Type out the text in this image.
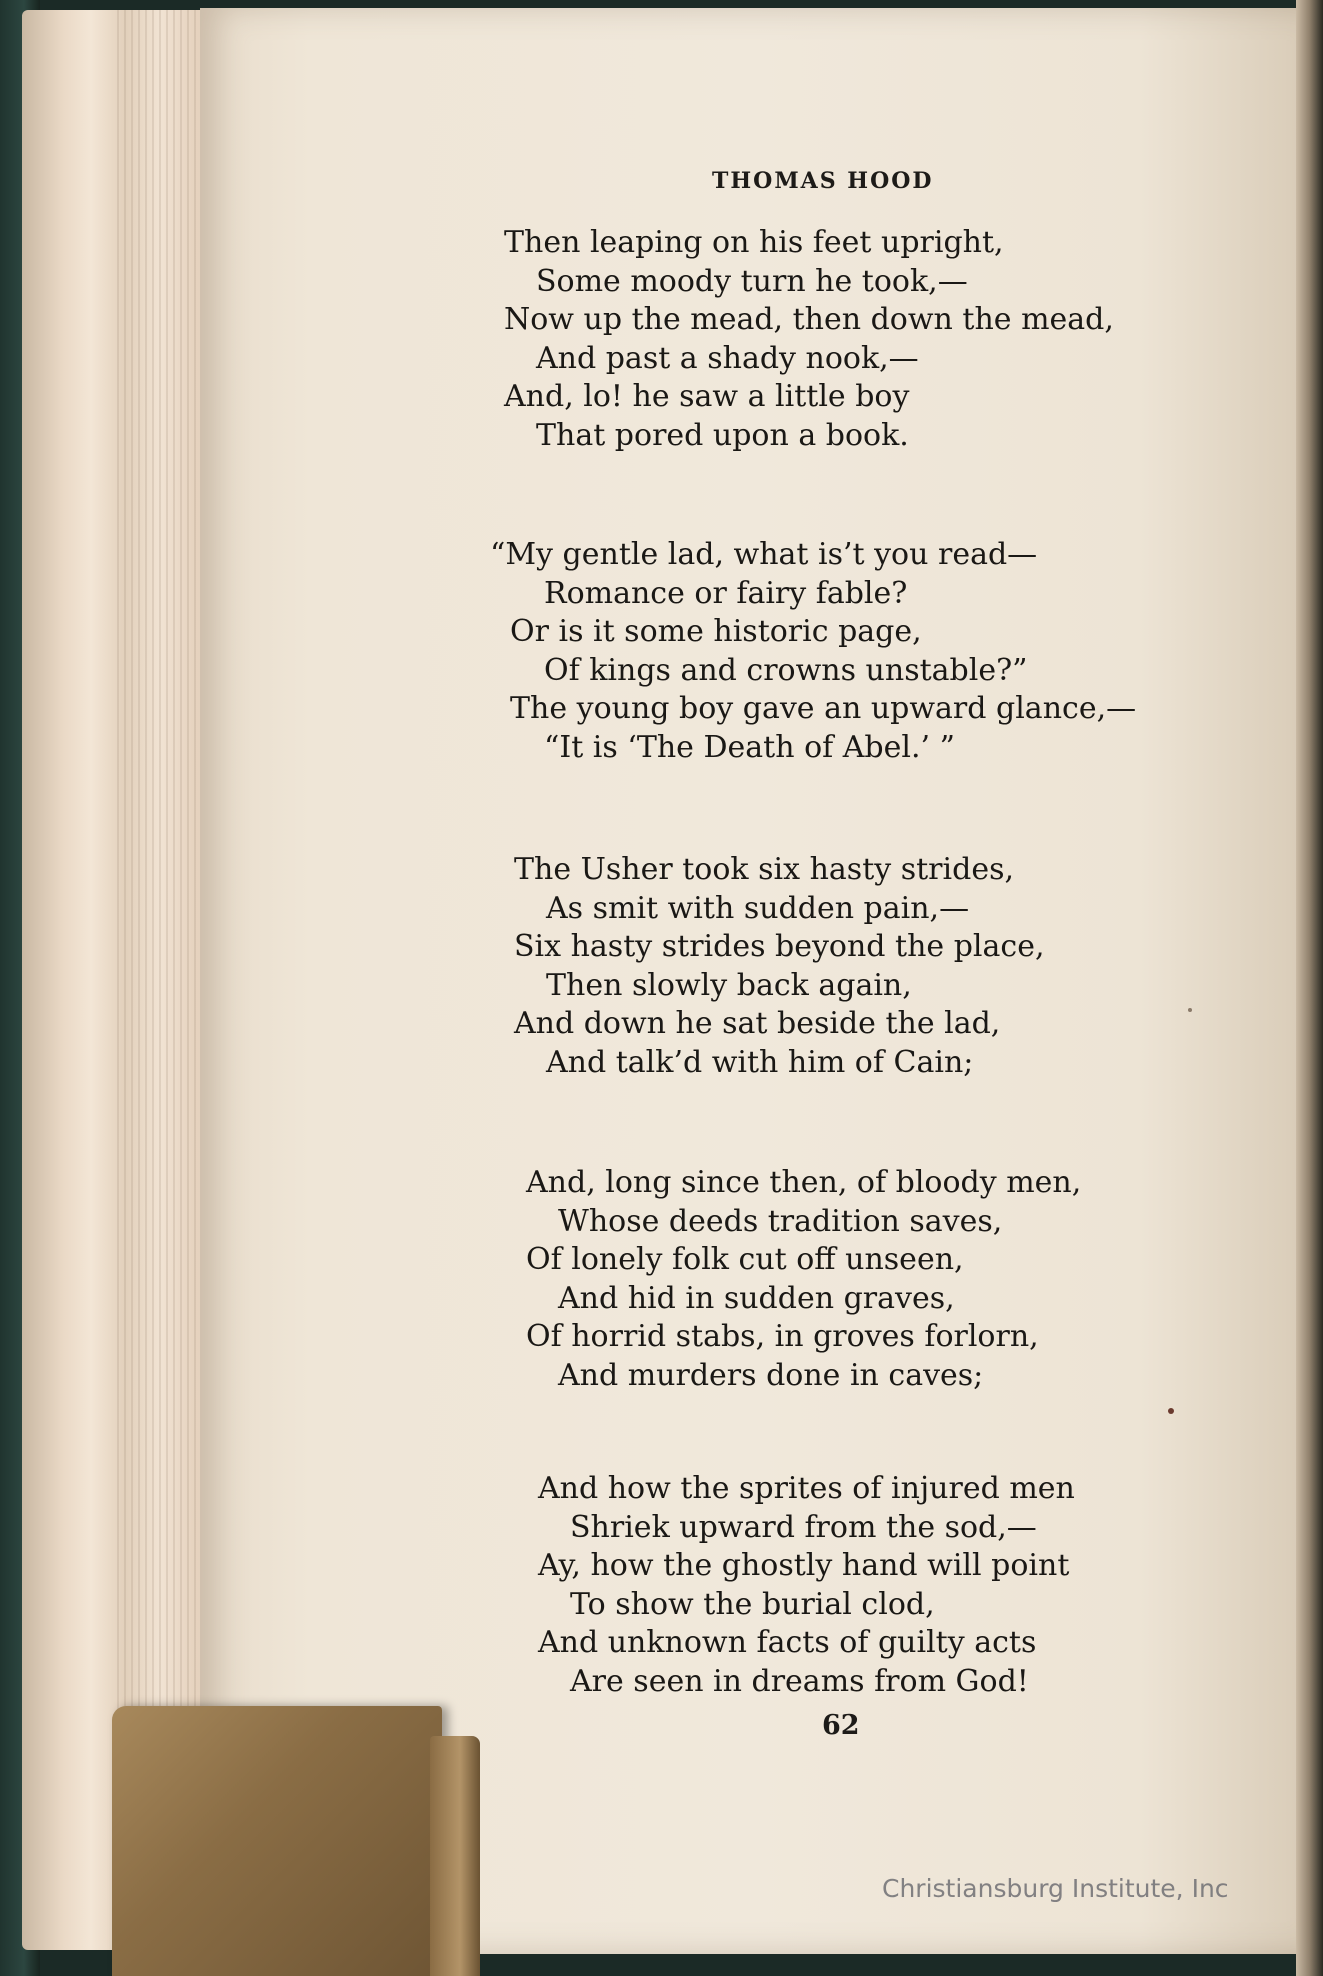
THOMAS HOOD

Then leaping on his feet upright,
Some moody turn he took,—
Now up the mead, then down the mead,
And past a shady nook,—
And, lo! he saw a little boy
That pored upon a book.
“My gentle lad, what is’t you read—
Romance or fairy fable?
Or is it some historic page,
Of kings and crowns unstable?”
The young boy gave an upward glance,—
“It is ‘The Death of Abel.’ ”
The Usher took six hasty strides,
As smit with sudden pain,—
Six hasty strides beyond the place,
Then slowly back again,
And down he sat beside the lad,
And talk’d with him of Cain;
And, long since then, of bloody men,
Whose deeds tradition saves,
Of lonely folk cut off unseen,
And hid in sudden graves,
Of horrid stabs, in groves forlorn,
And murders done in caves;
And how the sprites of injured men
Shriek upward from the sod,—
Ay, how the ghostly hand will point
To show the burial clod,
And unknown facts of guilty acts
Are seen in dreams from God!

62

Christiansburg Institute, Inc
